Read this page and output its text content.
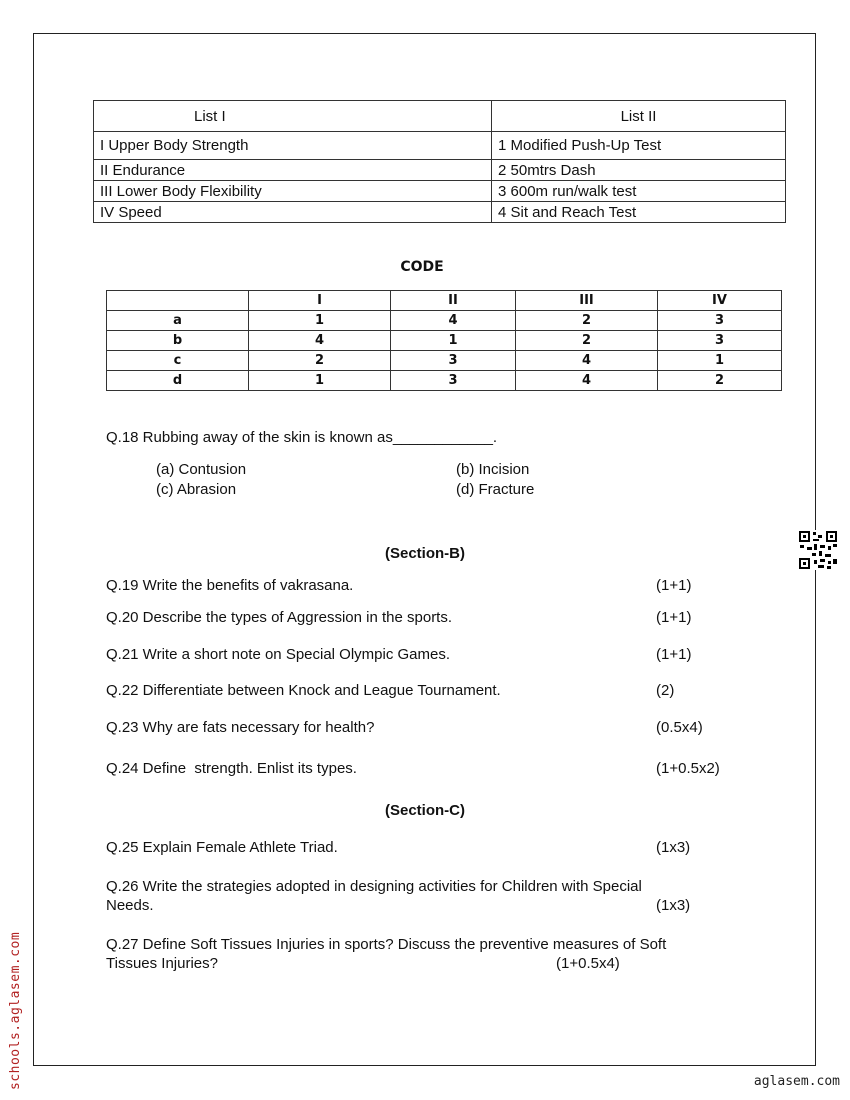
List I	List II
I Upper Body Strength	1 Modified Push-Up Test
II Endurance	2 50mtrs Dash
III Lower Body Flexibility	3 600m run/walk test
IV Speed	4 Sit and Reach Test
CODE
	I	II	III	IV
a	1	4	2	3
b	4	1	2	3
c	2	3	4	1
d	1	3	4	2
Q.18 Rubbing away of the skin is known as____________.
(a) Contusion	(b) Incision
(c) Abrasion	(d) Fracture
(Section-B)
Q.19 Write the benefits of vakrasana.	(1+1)
Q.20 Describe the types of Aggression in the sports.	(1+1)
Q.21 Write a short note on Special Olympic Games.	(1+1)
Q.22 Differentiate between Knock and League Tournament.	(2)
Q.23 Why are fats necessary for health?	(0.5x4)
Q.24 Define  strength. Enlist its types.	(1+0.5x2)
(Section-C)
Q.25 Explain Female Athlete Triad.	(1x3)
Q.26 Write the strategies adopted in designing activities for Children with Special
Needs.	(1x3)
Q.27 Define Soft Tissues Injuries in sports? Discuss the preventive measures of Soft
Tissues Injuries?	(1+0.5x4)
schools.aglasem.com	aglasem.com
